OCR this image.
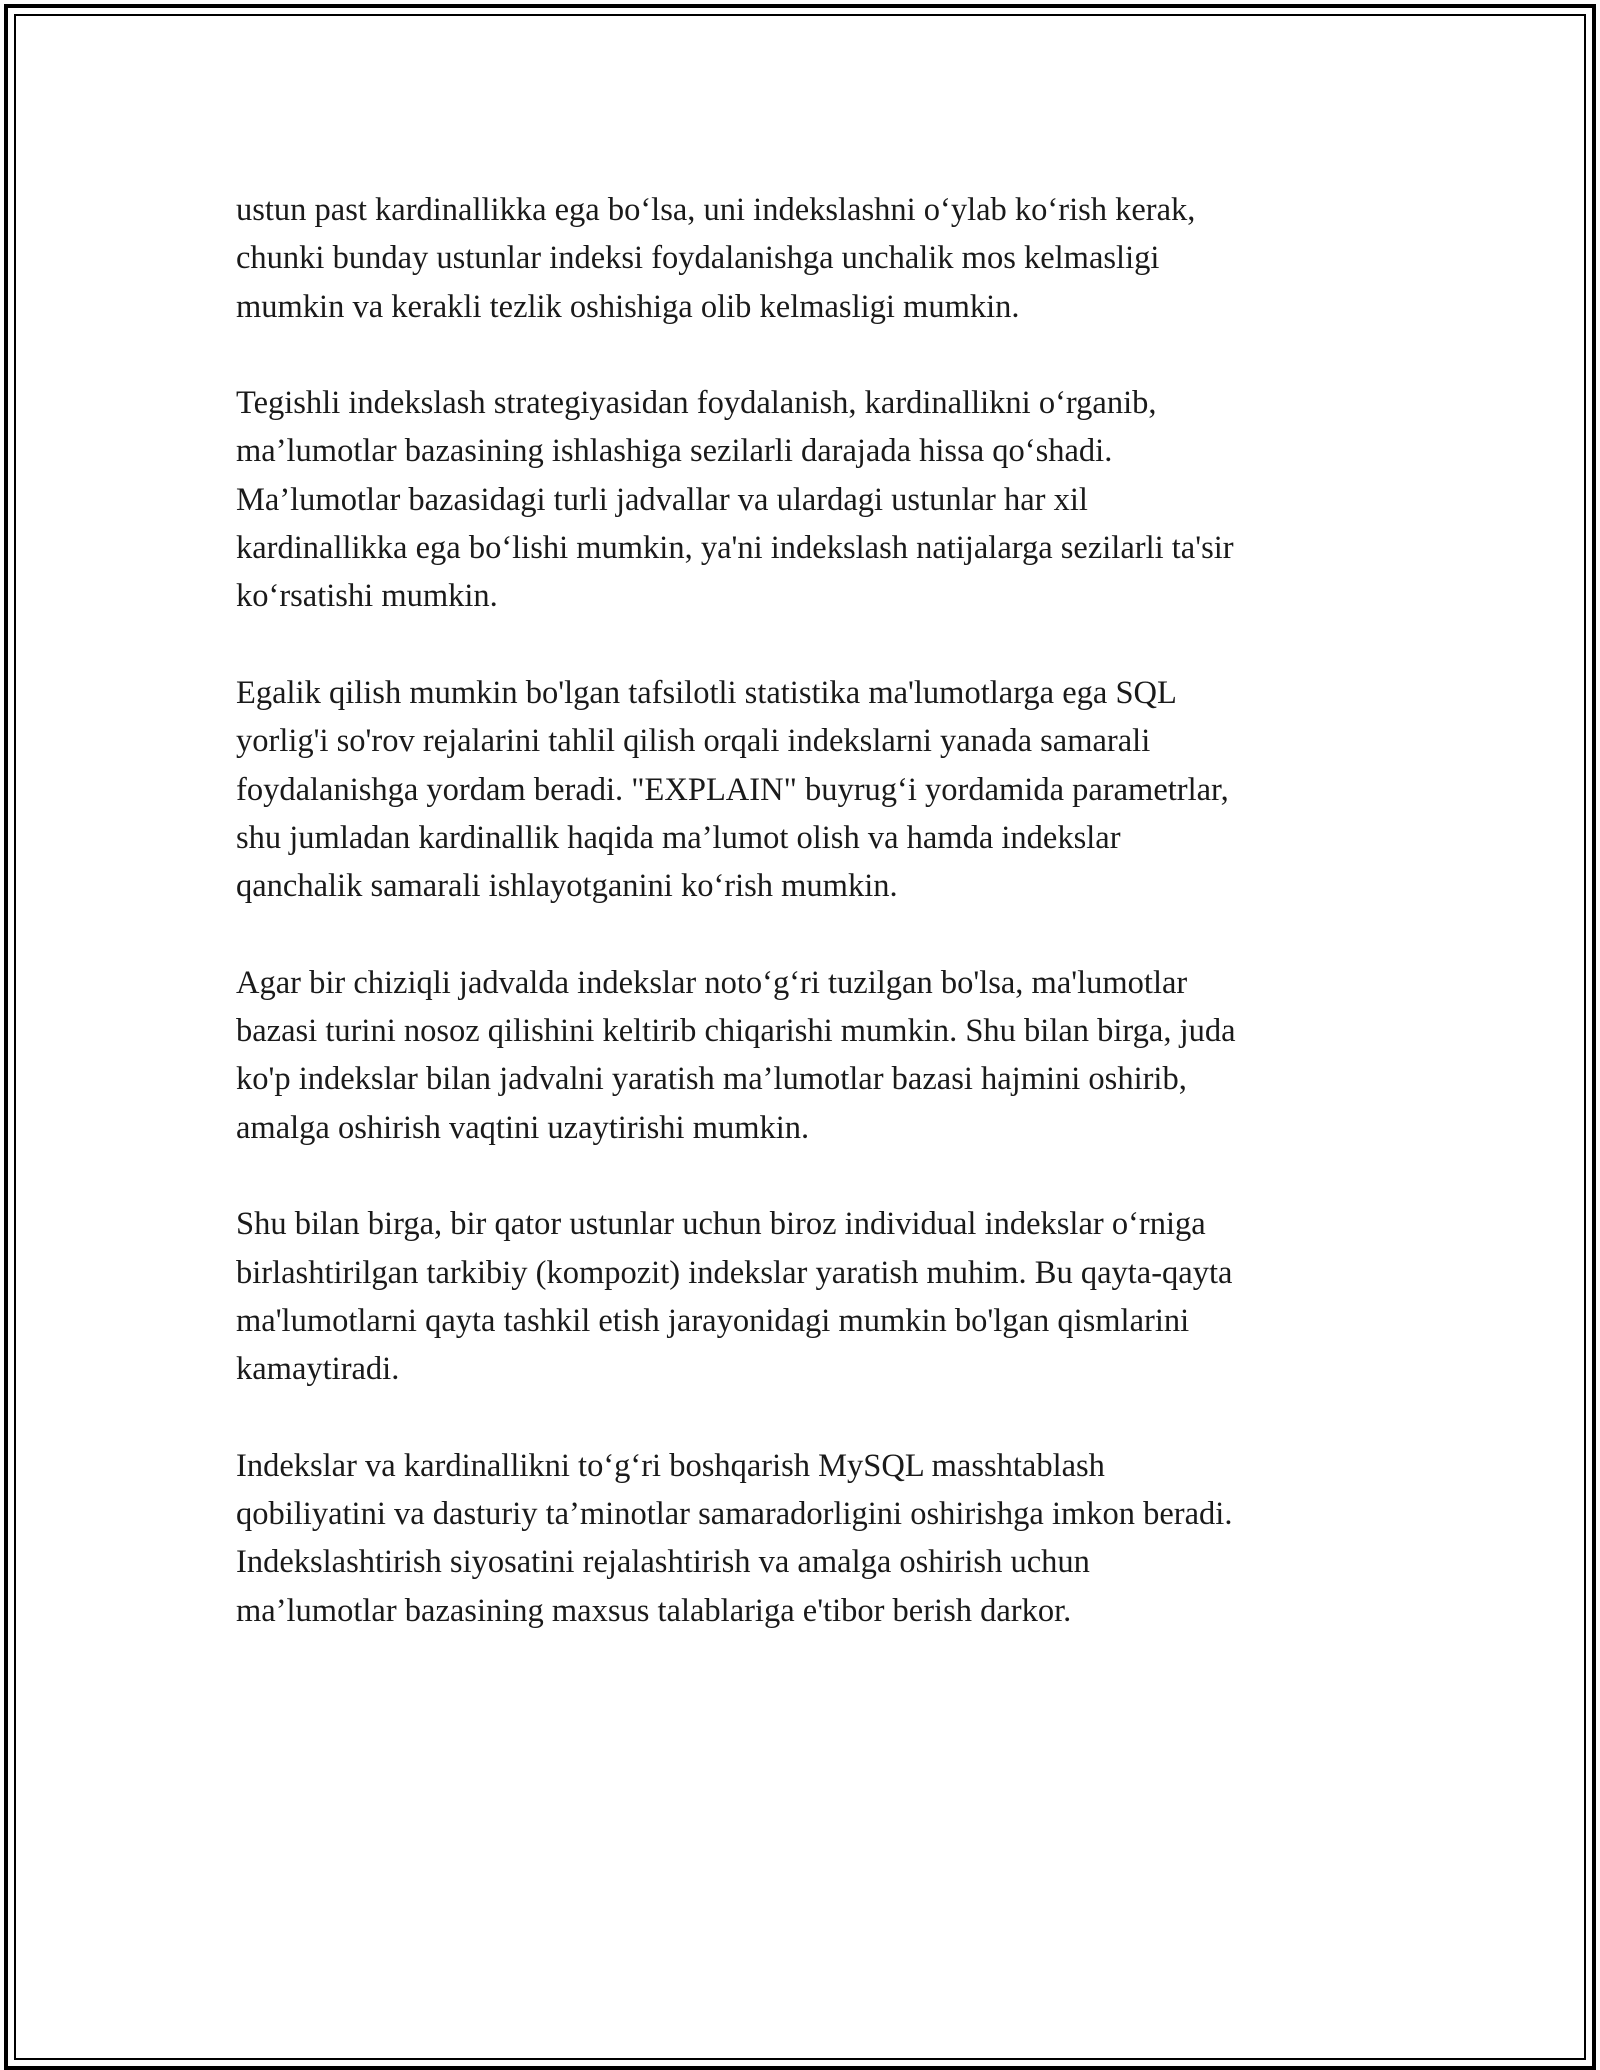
ustun past kardinallikka ega bo‘lsa, uni indekslashni o‘ylab ko‘rish kerak,
chunki bunday ustunlar indeksi foydalanishga unchalik mos kelmasligi
mumkin va kerakli tezlik oshishiga olib kelmasligi mumkin.
Tegishli indekslash strategiyasidan foydalanish, kardinallikni o‘rganib,
ma’lumotlar bazasining ishlashiga sezilarli darajada hissa qo‘shadi.
Ma’lumotlar bazasidagi turli jadvallar va ulardagi ustunlar har xil
kardinallikka ega bo‘lishi mumkin, ya'ni indekslash natijalarga sezilarli ta'sir
ko‘rsatishi mumkin.
Egalik qilish mumkin bo'lgan tafsilotli statistika ma'lumotlarga ega SQL
yorlig'i so'rov rejalarini tahlil qilish orqali indekslarni yanada samarali
foydalanishga yordam beradi. "EXPLAIN" buyrug‘i yordamida parametrlar,
shu jumladan kardinallik haqida ma’lumot olish va hamda indekslar
qanchalik samarali ishlayotganini ko‘rish mumkin.
Agar bir chiziqli jadvalda indekslar noto‘g‘ri tuzilgan bo'lsa, ma'lumotlar
bazasi turini nosoz qilishini keltirib chiqarishi mumkin. Shu bilan birga, juda
ko'p indekslar bilan jadvalni yaratish ma’lumotlar bazasi hajmini oshirib,
amalga oshirish vaqtini uzaytirishi mumkin.
Shu bilan birga, bir qator ustunlar uchun biroz individual indekslar o‘rniga
birlashtirilgan tarkibiy (kompozit) indekslar yaratish muhim. Bu qayta-qayta
ma'lumotlarni qayta tashkil etish jarayonidagi mumkin bo'lgan qismlarini
kamaytiradi.
Indekslar va kardinallikni to‘g‘ri boshqarish MySQL masshtablash
qobiliyatini va dasturiy ta’minotlar samaradorligini oshirishga imkon beradi.
Indekslashtirish siyosatini rejalashtirish va amalga oshirish uchun
ma’lumotlar bazasining maxsus talablariga e'tibor berish darkor.
